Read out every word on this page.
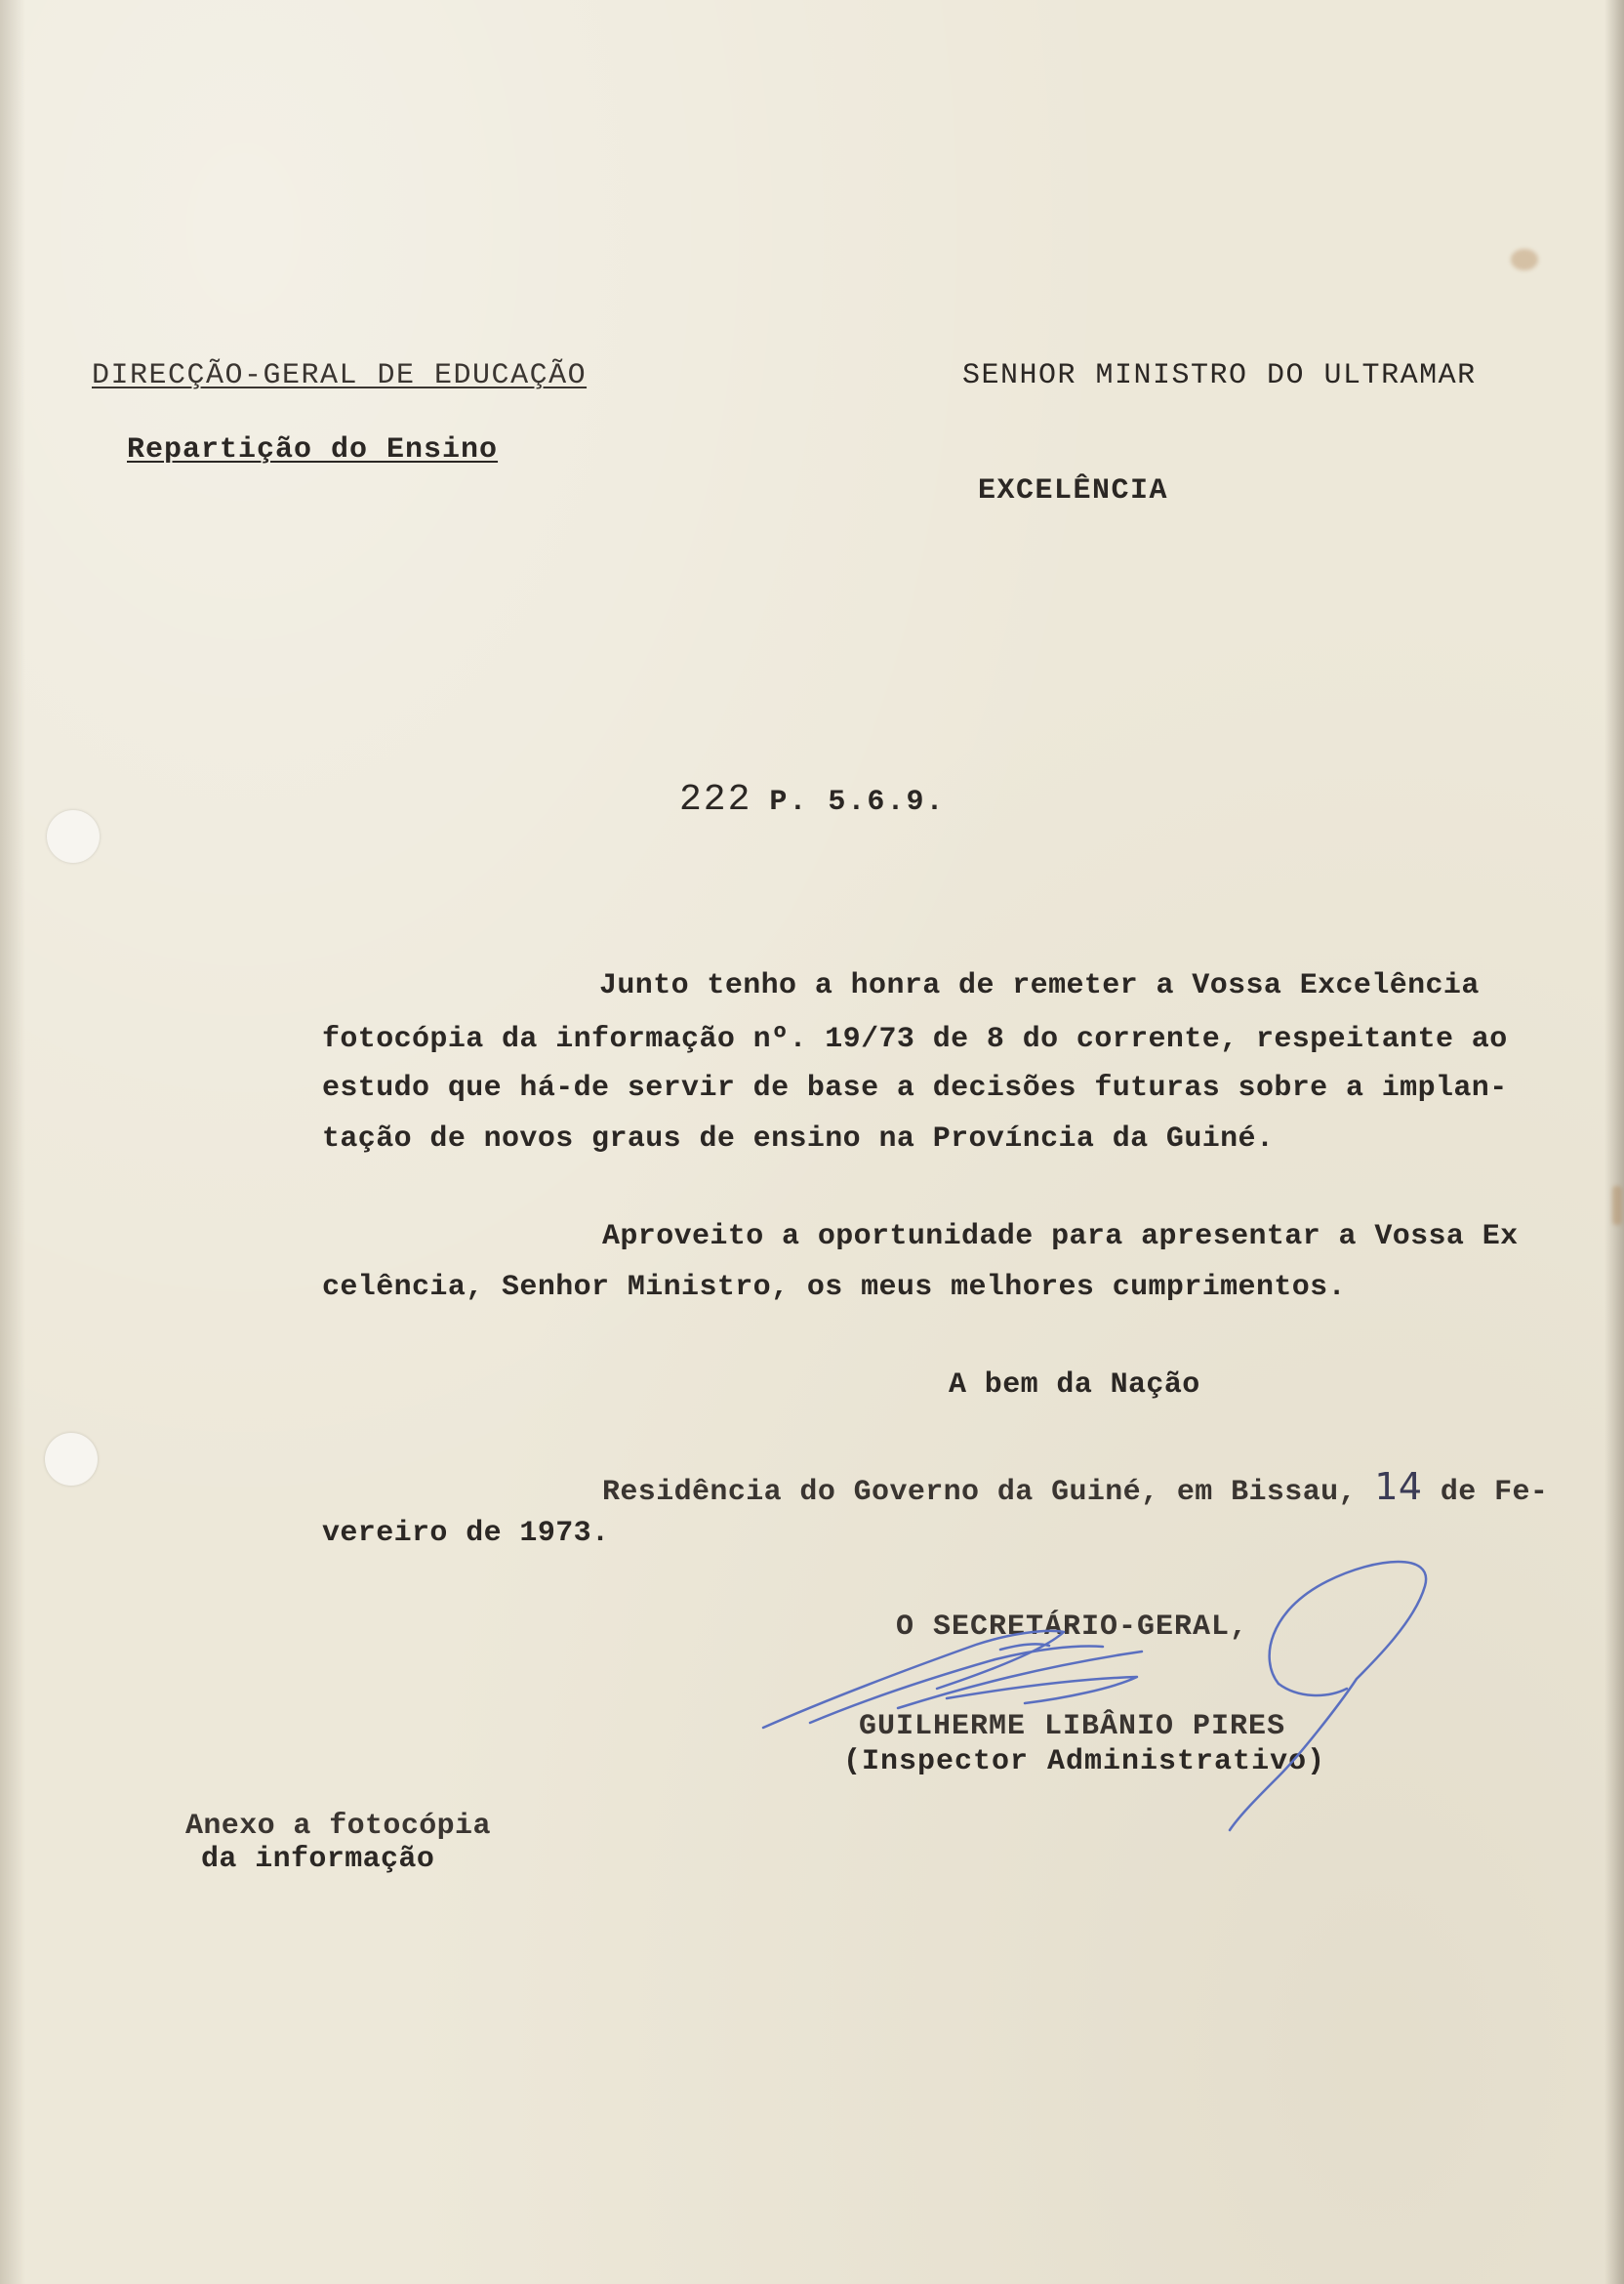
DIRECÇÃO-GERAL DE EDUCAÇÃO
Repartição do Ensino
SENHOR MINISTRO DO ULTRAMAR
EXCELÊNCIA
222 P. 5.6.9.
Junto tenho a honra de remeter a Vossa Excelência
fotocópia da informação nº. 19/73 de 8 do corrente, respeitante ao
estudo que há-de servir de base a decisões futuras sobre a implan-
tação de novos graus de ensino na Província da Guiné.
Aproveito a oportunidade para apresentar a Vossa Ex
celência, Senhor Ministro, os meus melhores cumprimentos.
A bem da Nação
Residência do Governo da Guiné, em Bissau, 14 de Fe-
vereiro de 1973.
O SECRETÁRIO-GERAL,
GUILHERME LIBÂNIO PIRES
(Inspector Administrativo)
Anexo a fotocópia
da informação
